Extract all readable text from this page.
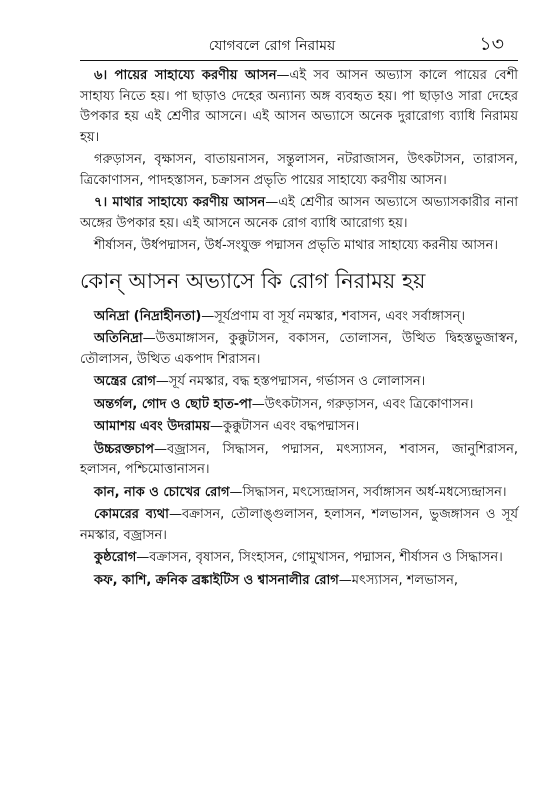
যোগবলে রোগ নিরাময়	১৩

৬। পায়ের সাহায্যে করণীয় আসন—এই সব আসন অভ্যাস কালে পায়ের বেশী সাহায্য নিতে হয়। পা ছাড়াও দেহের অন্যান্য অঙ্গ ব্যবহৃত হয়। পা ছাড়াও সারা দেহের উপকার হয় এই শ্রেণীর আসনে। এই আসন অভ্যাসে অনেক দুরারোগ্য ব্যাধি নিরাময় হয়।

গরুড়াসন, বৃক্ষাসন, বাতায়নাসন, সন্তুলাসন, নটরাজাসন, উৎকটাসন, তারাসন, ত্রিকোণাসন, পাদহস্তাসন, চক্রাসন প্রভৃতি পায়ের সাহায্যে করণীয় আসন।

৭। মাথার সাহায্যে করণীয় আসন—এই শ্রেণীর আসন অভ্যাসে অভ্যাসকারীর নানা অঙ্গের উপকার হয়। এই আসনে অনেক রোগ ব্যাধি আরোগ্য হয়।

শীর্ষাসন, উর্ধপদ্মাসন, উর্ধ-সংযুক্ত পদ্মাসন প্রভৃতি মাথার সাহায্যে করনীয় আসন।

কোন্ আসন অভ্যাসে কি রোগ নিরাময় হয়

অনিদ্রা (নিদ্রাহীনতা)—সূর্যপ্রণাম বা সূর্য নমস্কার, শবাসন, এবং সর্বাঙ্গাসন্।

অতিনিদ্রা—উত্তমাঙ্গাসন, কুক্কুটাসন, বকাসন, তোলাসন, উত্থিত দ্বিহস্তভুজাস্বন, তৌলাসন, উত্থিত একপাদ শিরাসন।

অন্ত্রের রোগ—সূর্য নমস্কার, বদ্ধ হস্তপদ্মাসন, গর্ভাসন ও লোলাসন।

অন্তর্গল, গোদ ও ছোট হাত-পা—উৎকটাসন, গরুড়াসন, এবং ত্রিকোণাসন।

আমাশয় এবং উদরাময়—কুক্কুটাসন এবং বদ্ধপদ্মাসন।

উচ্চরক্তচাপ—বজ্রাসন, সিদ্ধাসন, পদ্মাসন, মৎস্যাসন, শবাসন, জানুশিরাসন, হলাসন, পশ্চিমোত্তানাসন।

কান, নাক ও চোখের রোগ—সিদ্ধাসন, মৎস্যেন্দ্রাসন, সর্বাঙ্গাসন অর্ধ-মধস্যেন্দ্রাসন।

কোমরের ব্যথা—বক্রাসন, তৌলাঙ্গুলাসন, হলাসন, শলভাসন, ভুজঙ্গাসন ও সূর্য নমস্কার, বজ্রাসন।

কুষ্ঠরোগ—বক্রাসন, বৃষাসন, সিংহাসন, গোমুখাসন, পদ্মাসন, শীর্ষাসন ও সিদ্ধাসন।

কফ, কাশি, ক্রনিক ব্রঙ্কাইটিস ও শ্বাসনালীর রোগ—মৎস্যাসন, শলভাসন,
